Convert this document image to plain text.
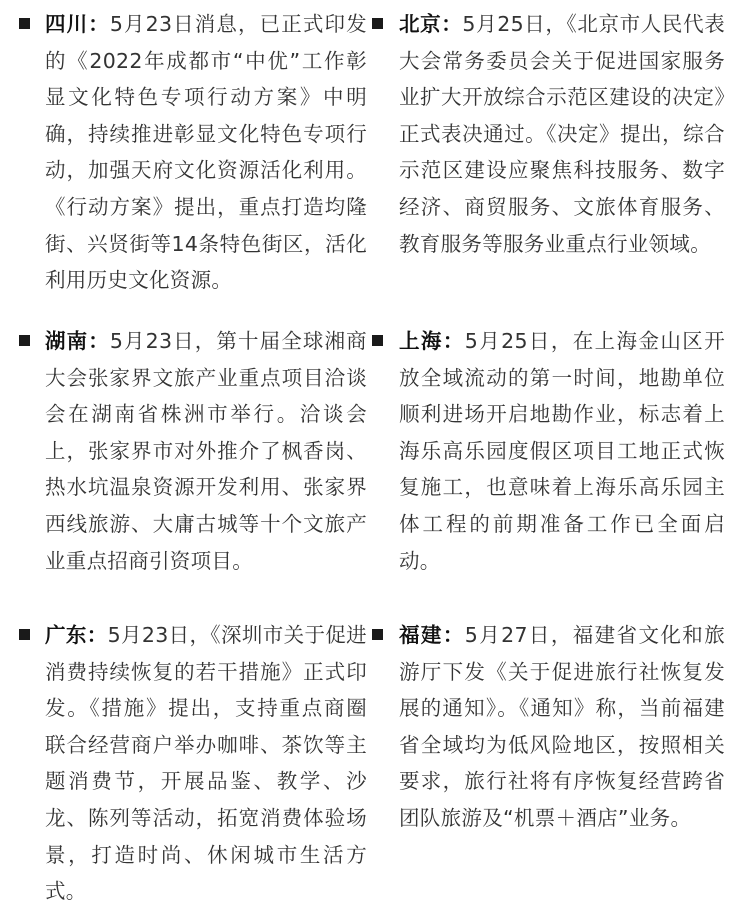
四川：5月23日消息，已正式印发的《2022年成都市“中优”工作彰显文化特色专项行动方案》中明确，持续推进彰显文化特色专项行动，加强天府文化资源活化利用。《行动方案》提出，重点打造均隆街、兴贤街等14条特色街区，活化利用历史文化资源。

北京：5月25日，《北京市人民代表大会常务委员会关于促进国家服务业扩大开放综合示范区建设的决定》正式表决通过。《决定》提出，综合示范区建设应聚焦科技服务、数字经济、商贸服务、文旅体育服务、教育服务等服务业重点行业领域。

湖南：5月23日，第十届全球湘商大会张家界文旅产业重点项目洽谈会在湖南省株洲市举行。洽谈会上，张家界市对外推介了枫香岗、热水坑温泉资源开发利用、张家界西线旅游、大庸古城等十个文旅产业重点招商引资项目。

上海：5月25日，在上海金山区开放全域流动的第一时间，地勘单位顺利进场开启地勘作业，标志着上海乐高乐园度假区项目工地正式恢复施工，也意味着上海乐高乐园主体工程的前期准备工作已全面启动。

广东：5月23日，《深圳市关于促进消费持续恢复的若干措施》正式印发。《措施》提出，支持重点商圈联合经营商户举办咖啡、茶饮等主题消费节，开展品鉴、教学、沙龙、陈列等活动，拓宽消费体验场景，打造时尚、休闲城市生活方式。

福建：5月27日，福建省文化和旅游厅下发《关于促进旅行社恢复发展的通知》。《通知》称，当前福建省全域均为低风险地区，按照相关要求，旅行社将有序恢复经营跨省团队旅游及“机票＋酒店”业务。
